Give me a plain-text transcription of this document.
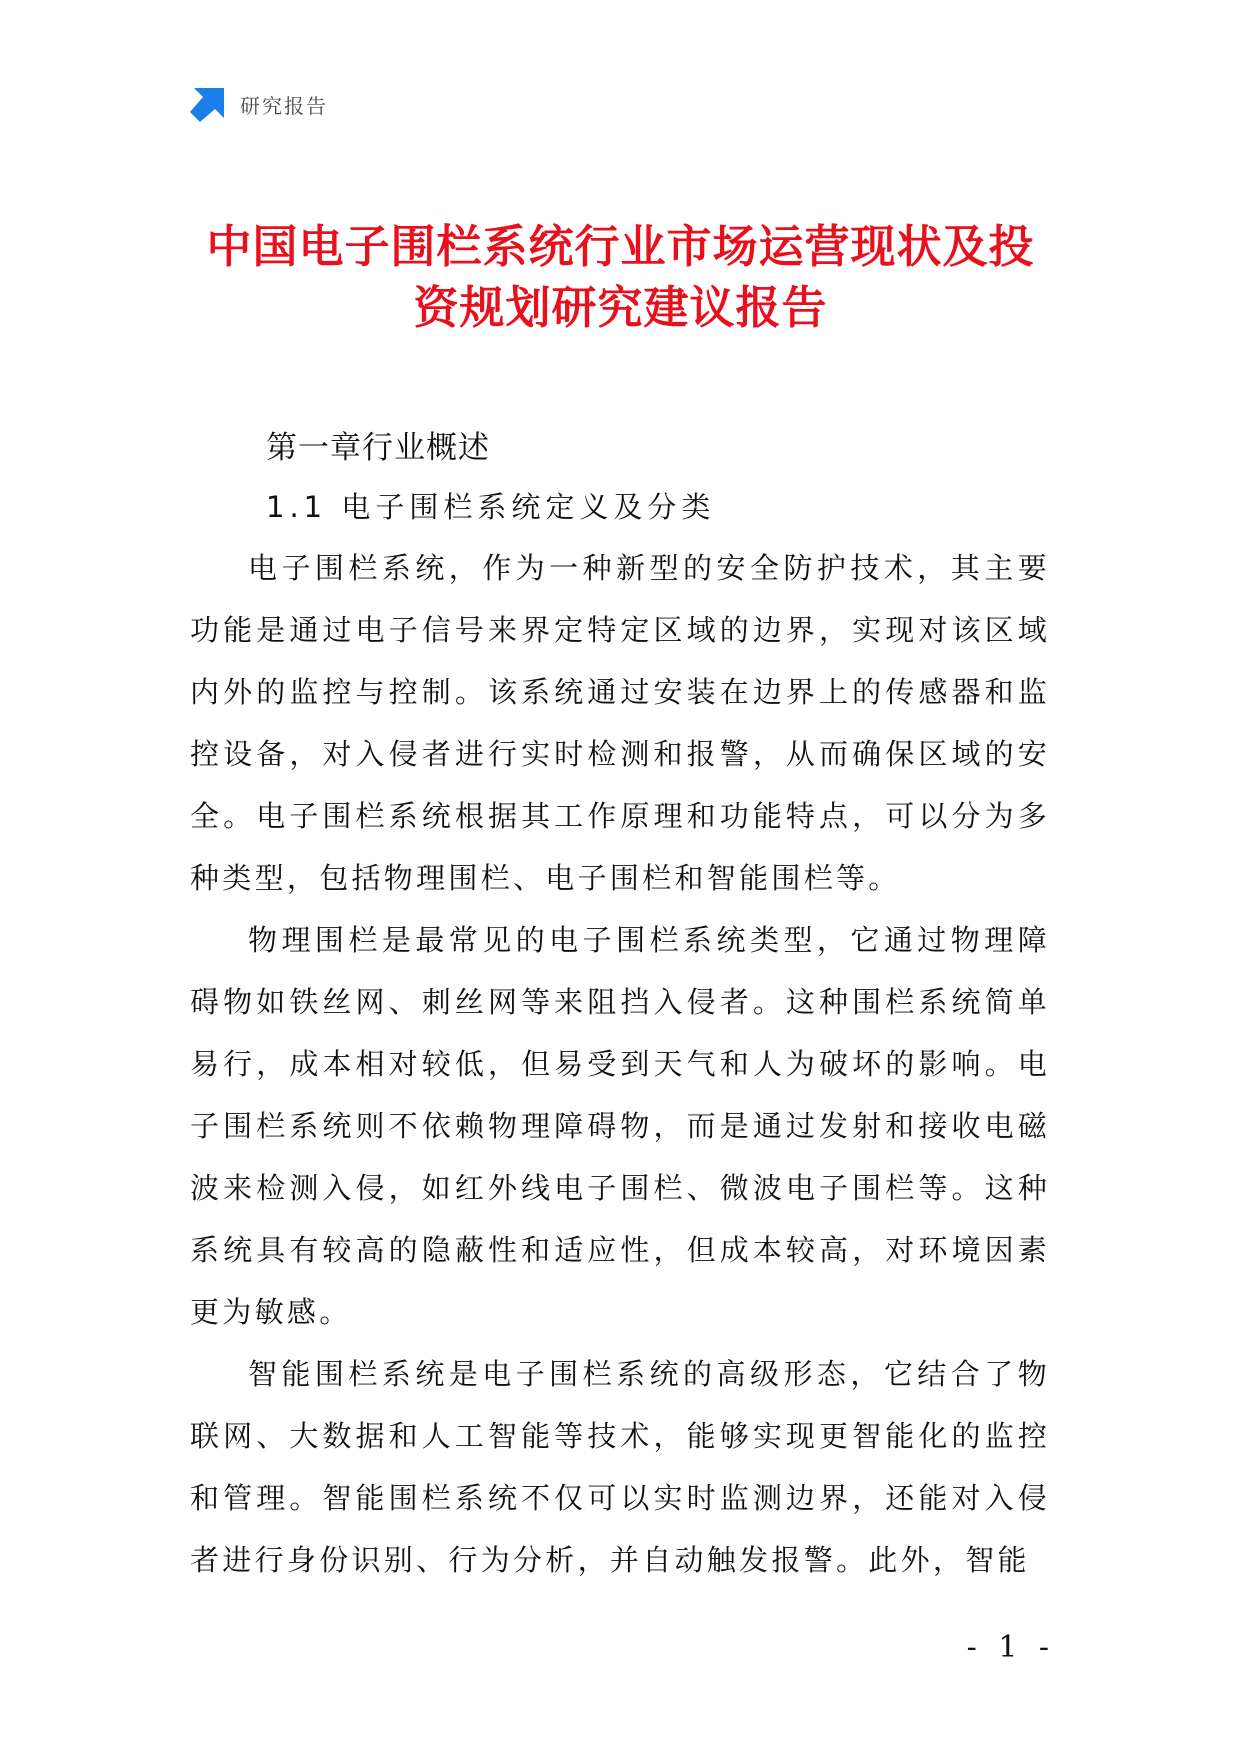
研究报告
中国电子围栏系统行业市场运营现状及投
资规划研究建议报告
第一章行业概述
1.1 电子围栏系统定义及分类

电子围栏系统，作为一种新型的安全防护技术，其主要功能是通过电子信号来界定特定区域的边界，实现对该区域内外的监控与控制。该系统通过安装在边界上的传感器和监控设备，对入侵者进行实时检测和报警，从而确保区域的安全。电子围栏系统根据其工作原理和功能特点，可以分为多种类型，包括物理围栏、电子围栏和智能围栏等。

物理围栏是最常见的电子围栏系统类型，它通过物理障碍物如铁丝网、刺丝网等来阻挡入侵者。这种围栏系统简单易行，成本相对较低，但易受到天气和人为破坏的影响。电子围栏系统则不依赖物理障碍物，而是通过发射和接收电磁波来检测入侵，如红外线电子围栏、微波电子围栏等。这种系统具有较高的隐蔽性和适应性，但成本较高，对环境因素更为敏感。

智能围栏系统是电子围栏系统的高级形态，它结合了物联网、大数据和人工智能等技术，能够实现更智能化的监控和管理。智能围栏系统不仅可以实时监测边界，还能对入侵者进行身份识别、行为分析，并自动触发报警。此外，智能

- 1 -
